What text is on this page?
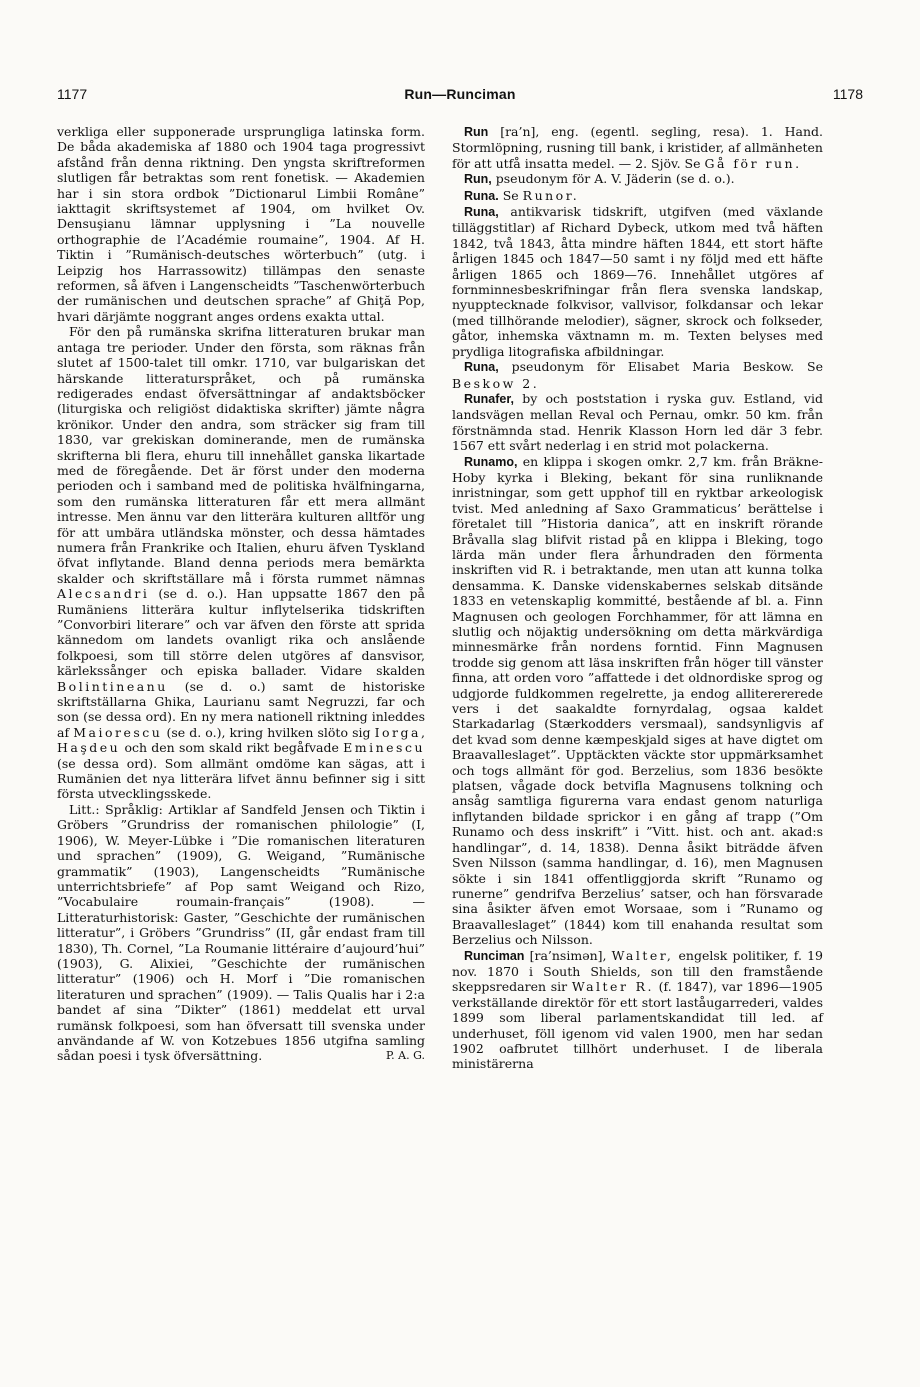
1177	Run—Runciman	1178

verkliga eller supponerade ursprungliga latinska form. De båda akademiska af 1880 och 1904 taga progressivt afstånd från denna riktning. Den yngsta skriftreformen slutligen får betraktas som rent fonetisk. — Akademien har i sin stora ordbok ”Dictionarul Limbii Române” iakttagit skriftsystemet af 1904, om hvilket Ov. Densuşianu lämnar upplysning i ”La nouvelle orthographie de l’Académie roumaine”, 1904. Af H. Tiktin i ”Rumänisch-deutsches wörterbuch” (utg. i Leipzig hos Harrassowitz) tillämpas den senaste reformen, så äfven i Langenscheidts ”Taschenwörterbuch der rumänischen und deutschen sprache” af Ghiţă Pop, hvari därjämte noggrant anges ordens exakta uttal.

För den på rumänska skrifna litteraturen brukar man antaga tre perioder. Under den första, som räknas från slutet af 1500-talet till omkr. 1710, var bulgariskan det härskande litteraturspråket, och på rumänska redigerades endast öfversättningar af andaktsböcker (liturgiska och religiöst didaktiska skrifter) jämte några krönikor. Under den andra, som sträcker sig fram till 1830, var grekiskan dominerande, men de rumänska skrifterna bli flera, ehuru till innehållet ganska likartade med de föregående. Det är först under den moderna perioden och i samband med de politiska hvälfningarna, som den rumänska litteraturen får ett mera allmänt intresse. Men ännu var den litterära kulturen alltför ung för att umbära utländska mönster, och dessa hämtades numera från Frankrike och Italien, ehuru äfven Tyskland öfvat inflytande. Bland denna periods mera bemärkta skalder och skriftställare må i första rummet nämnas Alecsandri (se d. o.). Han uppsatte 1867 den på Rumäniens litterära kultur inflytelserika tidskriften ”Convorbiri literare” och var äfven den förste att sprida kännedom om landets ovanligt rika och anslående folkpoesi, som till större delen utgöres af dansvisor, kärlekssånger och episka ballader. Vidare skalden Bolintineanu (se d. o.) samt de historiske skriftställarna Ghika, Laurianu samt Negruzzi, far och son (se dessa ord). En ny mera nationell riktning inleddes af Maiorescu (se d. o.), kring hvilken slöto sig Iorga, Haşdeu och den som skald rikt begåfvade Eminescu (se dessa ord). Som allmänt omdöme kan sägas, att i Rumänien det nya litterära lifvet ännu befinner sig i sitt första utvecklingsskede.

Litt.: Språklig: Artiklar af Sandfeld Jensen och Tiktin i Gröbers ”Grundriss der romanischen philologie” (I, 1906), W. Meyer-Lübke i ”Die romanischen literaturen und sprachen” (1909), G. Weigand, ”Rumänische grammatik” (1903), Langenscheidts ”Rumänische unterrichtsbriefe” af Pop samt Weigand och Rizo, ”Vocabulaire roumain-français” (1908). — Litteraturhistorisk: Gaster, ”Geschichte der rumänischen litteratur”, i Gröbers ”Grundriss” (II, går endast fram till 1830), Th. Cornel, ”La Roumanie littéraire d’aujourd’hui” (1903), G. Alixiei, ”Geschichte der rumänischen litteratur” (1906) och H. Morf i ”Die romanischen literaturen und sprachen” (1909). — Talis Qualis har i 2:a bandet af sina ”Dikter” (1861) meddelat ett urval rumänsk folkpoesi, som han öfversatt till svenska under användande af W. von Kotzebues 1856 utgifna samling sådan poesi i tysk öfversättning.	P. A. G.

Run [ra’n], eng. (egentl. segling, resa). 1. Hand. Stormlöpning, rusning till bank, i kristider, af allmänheten för att utfå insatta medel. — 2. Sjöv. Se Gå för run.

Run, pseudonym för A. V. Jäderin (se d. o.).

Runa. Se Runor.

Runa, antikvarisk tidskrift, utgifven (med växlande tilläggstitlar) af Richard Dybeck, utkom med två häften 1842, två 1843, åtta mindre häften 1844, ett stort häfte årligen 1845 och 1847—50 samt i ny följd med ett häfte årligen 1865 och 1869—76. Innehållet utgöres af fornminnesbeskrifningar från flera svenska landskap, nyupptecknade folkvisor, vallvisor, folkdansar och lekar (med tillhörande melodier), sägner, skrock och folkseder, gåtor, inhemska växtnamn m. m. Texten belyses med prydliga litografiska afbildningar.

Runa, pseudonym för Elisabet Maria Beskow. Se Beskow 2.

Runafer, by och poststation i ryska guv. Estland, vid landsvägen mellan Reval och Pernau, omkr. 50 km. från förstnämnda stad. Henrik Klasson Horn led där 3 febr. 1567 ett svårt nederlag i en strid mot polackerna.

Runamo, en klippa i skogen omkr. 2,7 km. från Bräkne-Hoby kyrka i Bleking, bekant för sina runliknande inristningar, som gett upphof till en ryktbar arkeologisk tvist. Med anledning af Saxo Grammaticus’ berättelse i företalet till ”Historia danica”, att en inskrift rörande Bråvalla slag blifvit ristad på en klippa i Bleking, togo lärda män under flera århundraden den förmenta inskriften vid R. i betraktande, men utan att kunna tolka densamma. K. Danske videnskabernes selskab ditsände 1833 en vetenskaplig kommitté, bestående af bl. a. Finn Magnusen och geologen Forchhammer, för att lämna en slutlig och nöjaktig undersökning om detta märkvärdiga minnesmärke från nordens forntid. Finn Magnusen trodde sig genom att läsa inskriften från höger till vänster finna, att orden voro ”affattede i det oldnordiske sprog og udgjorde fuldkommen regelrette, ja endog alliterererede vers i det saakaldte fornyrdalag, ogsaa kaldet Starkadarlag (Stærkodders versmaal), sandsynligvis af det kvad som denne kæmpeskjald siges at have digtet om Braavalleslaget”. Upptäckten väckte stor uppmärksamhet och togs allmänt för god. Berzelius, som 1836 besökte platsen, vågade dock betvifla Magnusens tolkning och ansåg samtliga figurerna vara endast genom naturliga inflytanden bildade sprickor i en gång af trapp (”Om Runamo och dess inskrift” i ”Vitt. hist. och ant. akad:s handlingar”, d. 14, 1838). Denna åsikt biträdde äfven Sven Nilsson (samma handlingar, d. 16), men Magnusen sökte i sin 1841 offentliggjorda skrift ”Runamo og runerne” gendrifva Berzelius’ satser, och han försvarade sina åsikter äfven emot Worsaae, som i ”Runamo og Braavalleslaget” (1844) kom till enahanda resultat som Berzelius och Nilsson.

Runciman [ra’nsimən], Walter, engelsk politiker, f. 19 nov. 1870 i South Shields, son till den framstående skeppsredaren sir Walter R. (f. 1847), var 1896—1905 verkställande direktör för ett stort laståugarrederi, valdes 1899 som liberal parlamentskandidat till led. af underhuset, föll igenom vid valen 1900, men har sedan 1902 oafbrutet tillhört underhuset. I de liberala ministärerna
